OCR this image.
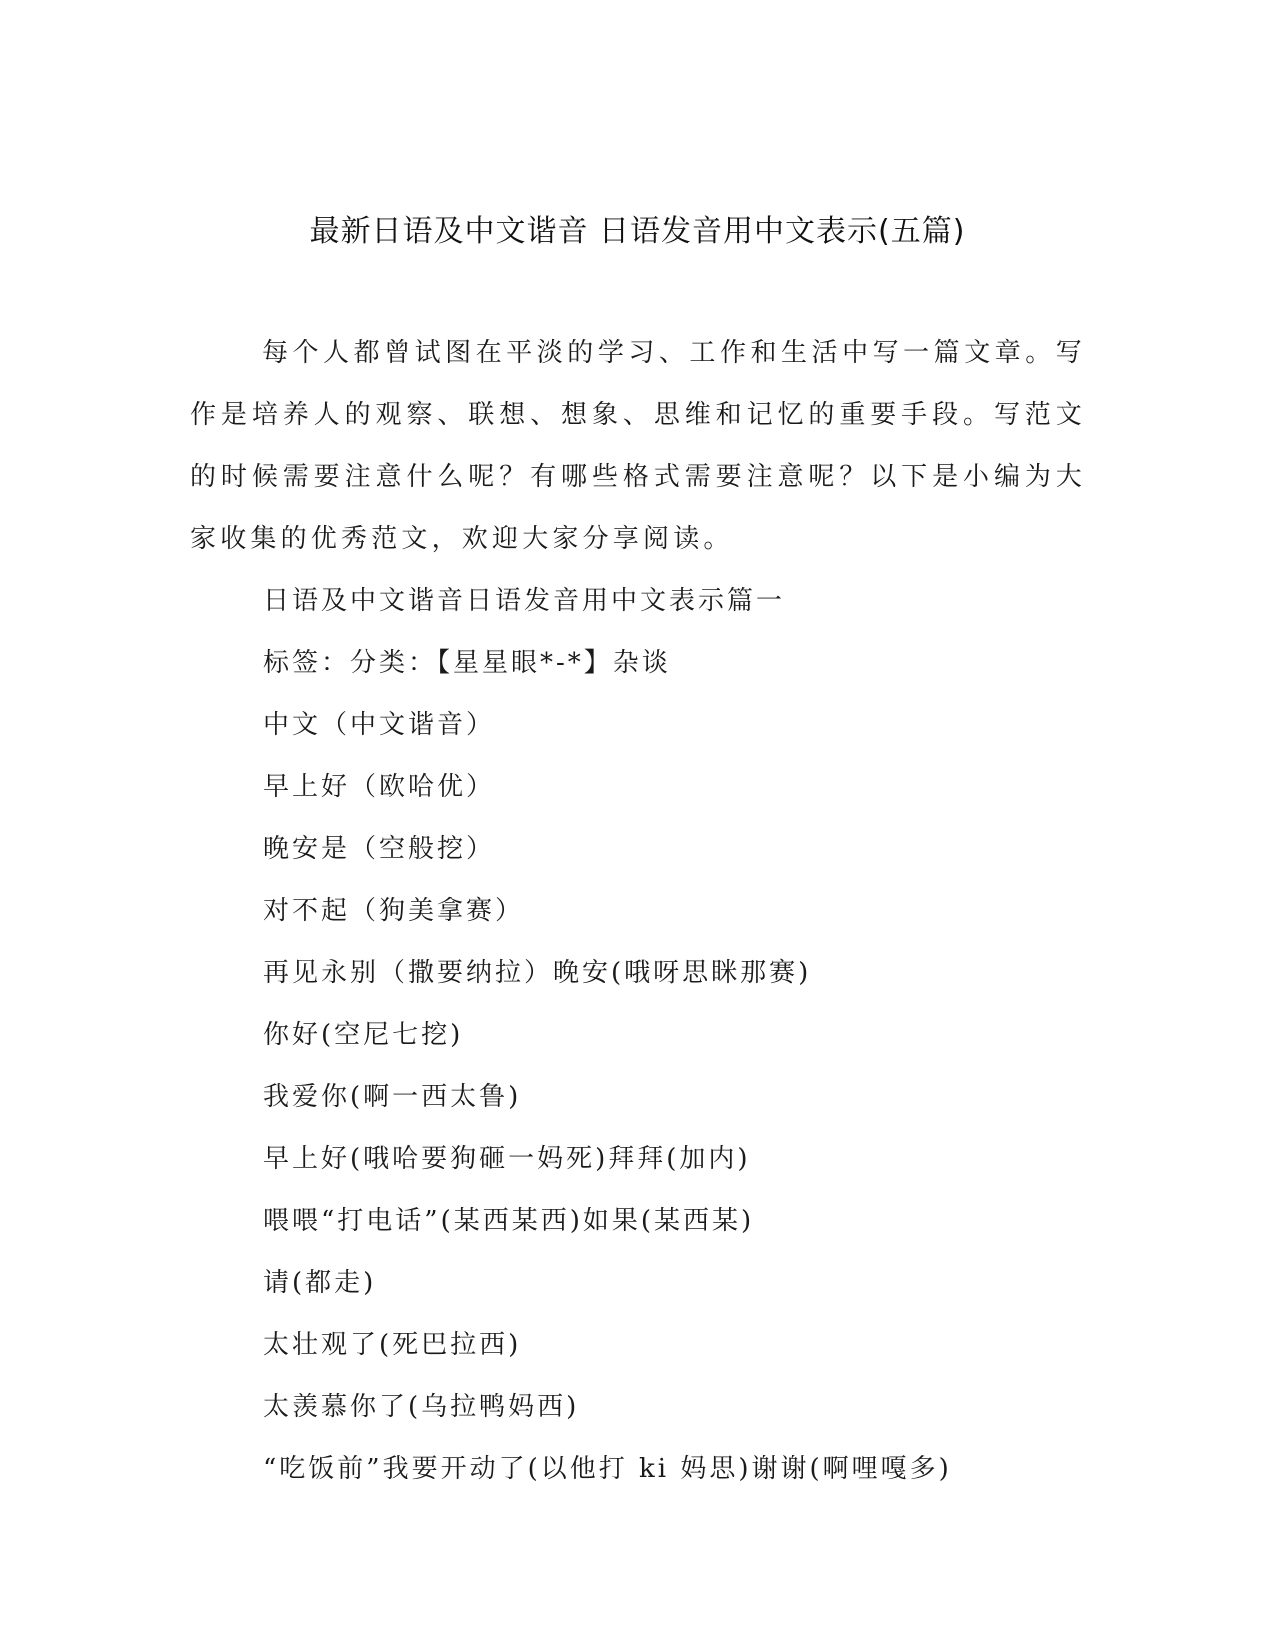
最新日语及中文谐音 日语发音用中文表示(五篇)

每个人都曾试图在平淡的学习、工作和生活中写一篇文章。写作是培养人的观察、联想、想象、思维和记忆的重要手段。写范文的时候需要注意什么呢？有哪些格式需要注意呢？以下是小编为大家收集的优秀范文，欢迎大家分享阅读。

日语及中文谐音日语发音用中文表示篇一
标签：分类：【星星眼*-*】杂谈
中文（中文谐音）
早上好（欧哈优）
晚安是（空般挖）
对不起（狗美拿赛）
再见永别（撒要纳拉）晚安(哦呀思眯那赛)
你好(空尼七挖)
我爱你(啊一西太鲁)
早上好(哦哈要狗砸一妈死)拜拜(加内)
喂喂“打电话”(某西某西)如果(某西某)
请(都走)
太壮观了(死巴拉西)
太羡慕你了(乌拉鸭妈西)
“吃饭前”我要开动了(以他打 ki 妈思)谢谢(啊哩嘎多)
